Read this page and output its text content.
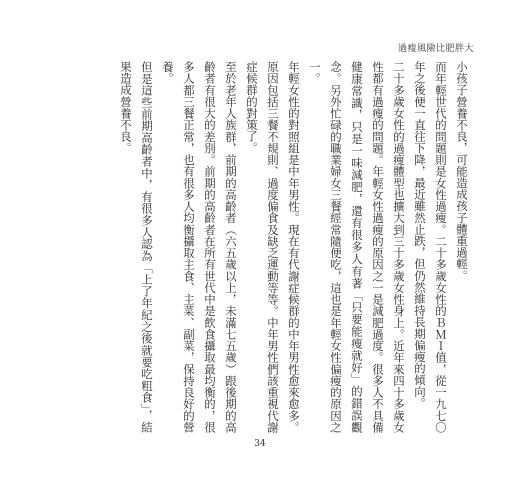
過瘦風險比肥胖大

小孩子營養不良，可能造成孩子體重過輕。

而年輕世代的問題則是女性過瘦。二十多歲女性的ＢＭＩ值，從一九七〇年之後便一直往下降，最近雖然止跌，但仍然維持長期偏瘦的傾向。

二十多歲女性的過瘦體型也擴大到三十多歲女性身上。近年來四十多歲女性都有過瘦的問題。年輕女性過瘦的原因之一是減肥過度。很多人不具備健康常識，只是一味減肥，還有很多人有著「只要能瘦就好」的錯誤觀念。另外忙碌的職業婦女三餐經常隨便吃，這也是年輕女性偏瘦的原因之一。

年輕女性的對照組是中年男性。現在有代謝症候群的中年男性愈來愈多。原因包括三餐不規則、過度偏食及缺乏運動等等。中年男性們該重視代謝症候群的對策了。

至於老年人族群，前期的高齡者（六五歲以上，未滿七五歲）跟後期的高齡者有很大的差別。前期的高齡者在所有世代中是飲食攝取最均衡的，很多人都三餐正常，也有很多人均衡攝取主食、主菜、副菜，保持良好的營養。

但是這些前期高齡者中，有很多人認為「上了年紀之後就要吃粗食」，結果造成營養不良。

34
